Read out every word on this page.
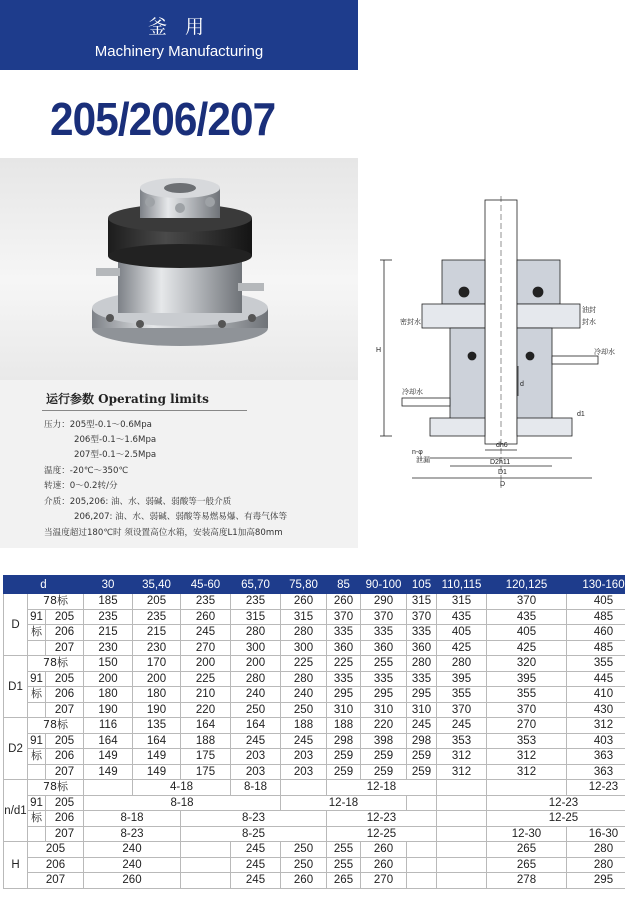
釜 用
Machinery Manufacturing
205/206/207
运行参数 Operating limits
压力：205型-0.1～0.6Mpa
206型-0.1～1.6Mpa
207型-0.1～2.5Mpa
温度：-20℃～350℃
转速：0～0.2转/分
介质：205,206: 油、水、弱碱、弱酸等一般介质
206,207: 油、水、弱碱、弱酸等易燃易爆、有毒气体等
当温度超过180℃时 须设置高位水箱，安装高度L1加高80mm
H
dh6
D2h11
D1
D
d1
d
n-φ
密封水
油封
封水
冷却水
冷却水
泄漏
d			30	35,40	45-60	65,70	75,80	85	90-100	105	110,115	120,125	130-160
D	78标		185	205	235	235	260	260	290	315	315	370	405
	91	205	235	235	260	315	315	370	370	370	435	435	485
	标	206	215	215	245	280	280	335	335	335	405	405	460
		207	230	230	270	300	300	360	360	360	425	425	485
D1	78标		150	170	200	200	225	225	255	280	280	320	355
	91	205	200	200	225	280	280	335	335	335	395	395	445
	标	206	180	180	210	240	240	295	295	295	355	355	410
		207	190	190	220	250	250	310	310	310	370	370	430
D2	78标		116	135	164	164	188	188	220	245	245	270	312
	91	205	164	164	188	245	245	298	398	298	353	353	403
	标	206	149	149	175	203	203	259	259	259	312	312	363
		207	149	149	175	203	203	259	259	259	312	312	363
n/d1	78标			4-18		8-18		12-18					12-23
	91	205	8-18				12-18					12-23	
	标	206	8-18		8-23			12-23				12-25	
		207	8-23		8-25			12-25				12-30	16-30
H	205		240			245	250	255	260			265	280
	206		240			245	250	255	260			265	280
	207		260			245	260	265	270			278	295
